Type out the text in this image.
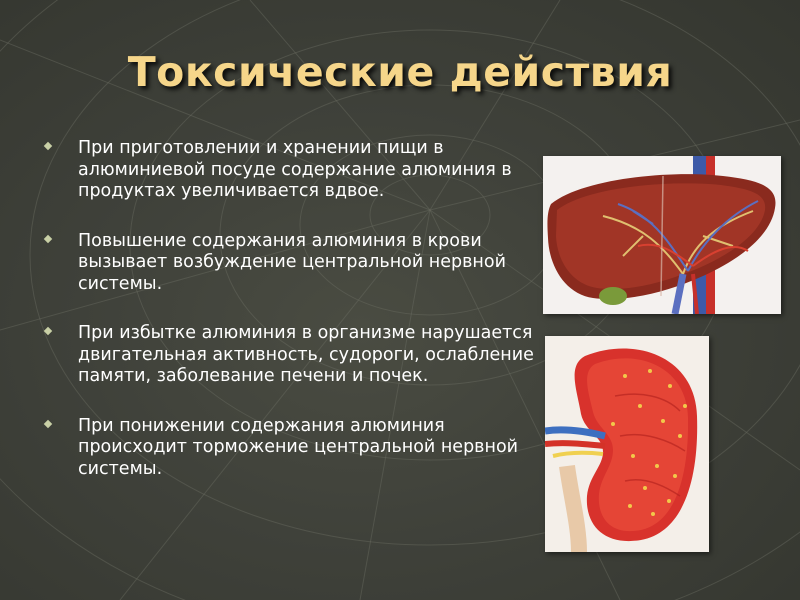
Токсические действия
При приготовлении и хранении пищи в алюминиевой посуде содержание алюминия в продуктах увеличивается вдвое.
Повышение содержания алюминия в крови вызывает возбуждение центральной нервной системы.
При избытке алюминия в организме нарушается двигательная активность, судороги, ослабление памяти, заболевание печени и почек.
При понижении содержания алюминия происходит торможение центральной нервной системы.
